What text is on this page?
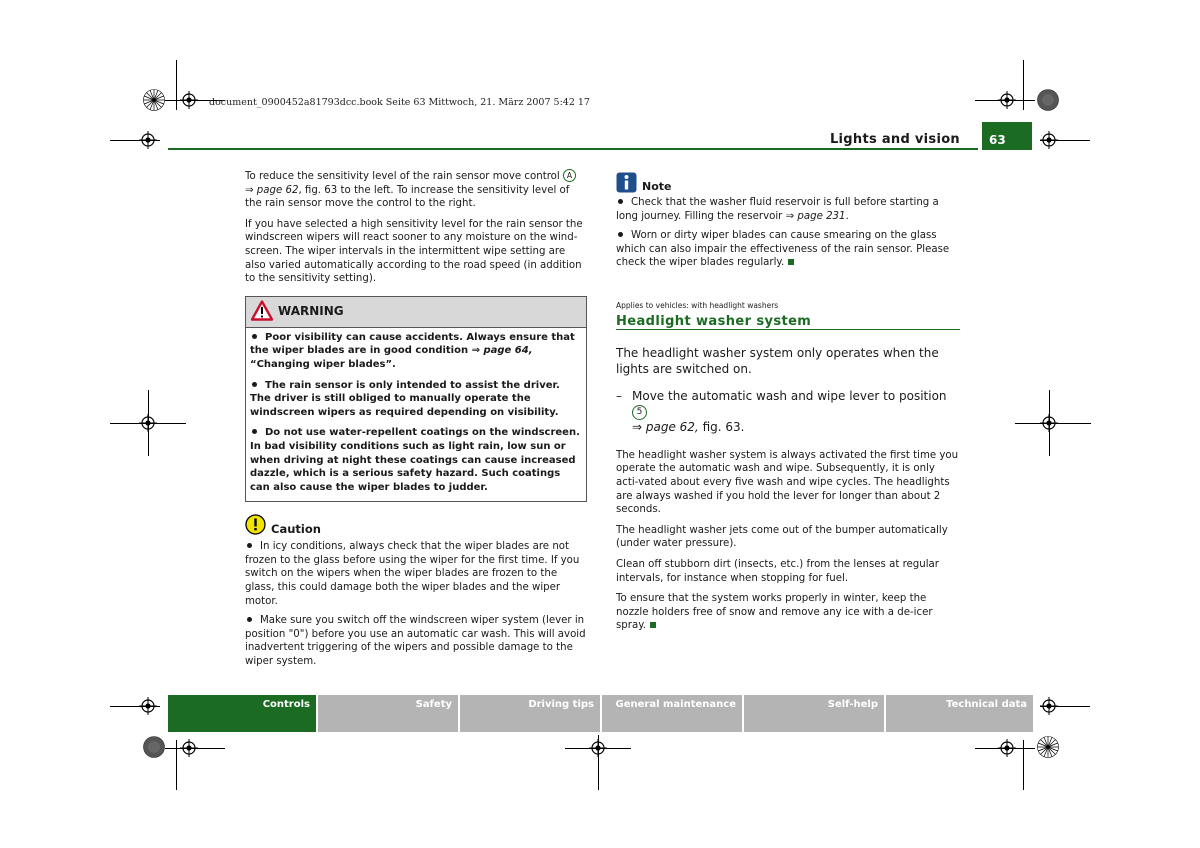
document_0900452a81793dcc.book Seite 63 Mittwoch, 21. März 2007 5:42 17
Lights and vision	63

To reduce the sensitivity level of the rain sensor move control A
⇒ page 62, fig. 63 to the left. To increase the sensitivity level of the rain sensor move the control to the right.

If you have selected a high sensitivity level for the rain sensor the windscreen wipers will react sooner to any moisture on the wind-screen. The wiper intervals in the intermittent wipe setting are also varied automatically according to the road speed (in addition to the sensitivity setting).

WARNING
Poor visibility can cause accidents. Always ensure that the wiper blades are in good condition ⇒ page 64, “Changing wiper blades”.
The rain sensor is only intended to assist the driver. The driver is still obliged to manually operate the windscreen wipers as required depending on visibility.
Do not use water-repellent coatings on the windscreen. In bad visibility conditions such as light rain, low sun or when driving at night these coatings can cause increased dazzle, which is a serious safety hazard. Such coatings can also cause the wiper blades to judder.
Caution
In icy conditions, always check that the wiper blades are not frozen to the glass before using the wiper for the first time. If you switch on the wipers when the wiper blades are frozen to the glass, this could damage both the wiper blades and the wiper motor.
Make sure you switch off the windscreen wiper system (lever in position "0") before you use an automatic car wash. This will avoid inadvertent triggering of the wipers and possible damage to the wiper system.
Note
Check that the washer fluid reservoir is full before starting a long journey. Filling the reservoir ⇒ page 231.
Worn or dirty wiper blades can cause smearing on the glass which can also impair the effectiveness of the rain sensor. Please check the wiper blades regularly.
Applies to vehicles: with headlight washers
Headlight washer system
The headlight washer system only operates when the lights are switched on.
– Move the automatic wash and wipe lever to position 5
⇒ page 62, fig. 63.

The headlight washer system is always activated the first time you operate the automatic wash and wipe. Subsequently, it is only acti-vated about every five wash and wipe cycles. The headlights are always washed if you hold the lever for longer than about 2 seconds.

The headlight washer jets come out of the bumper automatically (under water pressure).

Clean off stubborn dirt (insects, etc.) from the lenses at regular intervals, for instance when stopping for fuel.

To ensure that the system works properly in winter, keep the nozzle holders free of snow and remove any ice with a de-icer spray.

Controls	Safety	Driving tips	General maintenance	Self-help	Technical data
